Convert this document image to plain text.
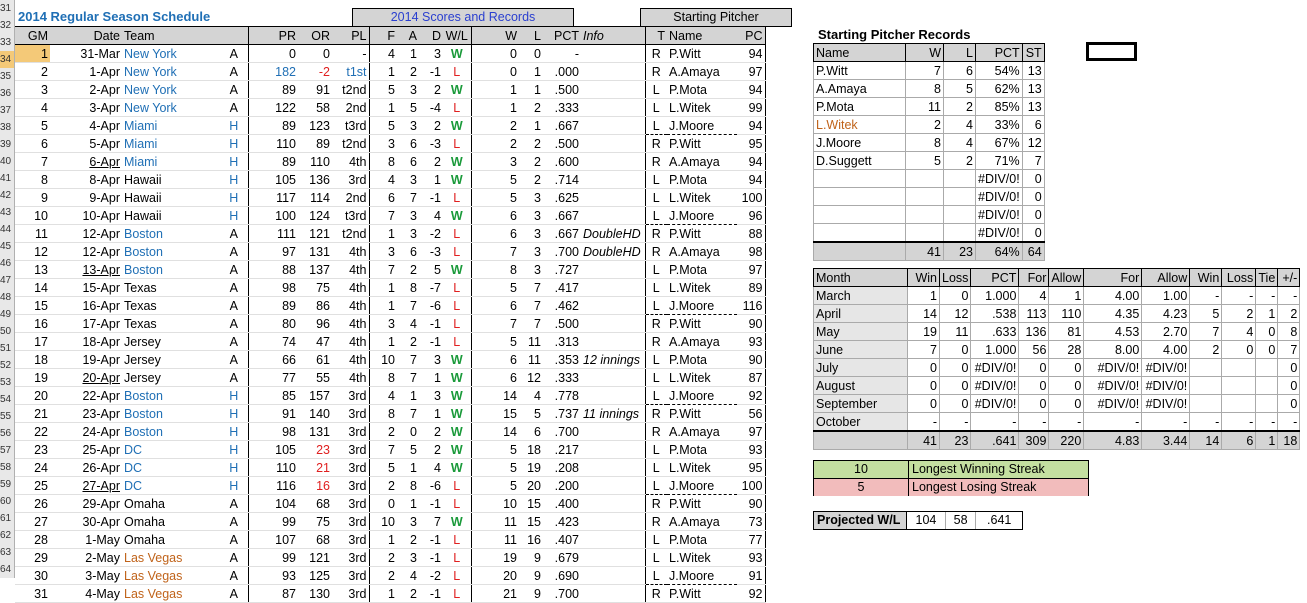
31
32
33
34
35
36
37
38
39
40
41
42
43
44
45
46
47
48
49
50
51
52
53
54
55
56
57
58
59
60
61
62
63
64
2014 Regular Season Schedule	2014 Scores and Records	Starting Pitcher
GM	Date	Team		PR	OR	PL	F	A	D	W/L	W	L	PCT	Info	T	Name	PC
1	31-Mar	New York	A	0	0	-	4	1	3	W	0	0	-		R	P.Witt	94
2	1-Apr	New York	A	182	-2	t1st	1	2	-1	L	0	1	.000		R	A.Amaya	97
3	2-Apr	New York	A	89	91	t2nd	5	3	2	W	1	1	.500		L	P.Mota	94
4	3-Apr	New York	A	122	58	2nd	1	5	-4	L	1	2	.333		L	L.Witek	99
5	4-Apr	Miami	H	89	123	t3rd	5	3	2	W	2	1	.667		L	J.Moore	94
6	5-Apr	Miami	H	110	89	t2nd	3	6	-3	L	2	2	.500		R	P.Witt	95
7	6-Apr	Miami	H	89	110	4th	8	6	2	W	3	2	.600		R	A.Amaya	94
8	8-Apr	Hawaii	H	105	136	3rd	4	3	1	W	5	2	.714		L	P.Mota	94
9	9-Apr	Hawaii	H	117	114	2nd	6	7	-1	L	5	3	.625		L	L.Witek	100
10	10-Apr	Hawaii	H	100	124	t3rd	7	3	4	W	6	3	.667		L	J.Moore	96
11	12-Apr	Boston	A	111	121	t2nd	1	3	-2	L	6	3	.667	DoubleHD	R	P.Witt	88
12	12-Apr	Boston	A	97	131	4th	3	6	-3	L	7	3	.700	DoubleHD	R	A.Amaya	98
13	13-Apr	Boston	A	88	137	4th	7	2	5	W	8	3	.727		L	P.Mota	97
14	15-Apr	Texas	A	98	75	4th	1	8	-7	L	5	7	.417		L	L.Witek	89
15	16-Apr	Texas	A	89	86	4th	1	7	-6	L	6	7	.462		L	J.Moore	116
16	17-Apr	Texas	A	80	96	4th	3	4	-1	L	7	7	.500		R	P.Witt	90
17	18-Apr	Jersey	A	74	47	4th	1	2	-1	L	5	11	.313		R	A.Amaya	93
18	19-Apr	Jersey	A	66	61	4th	10	7	3	W	6	11	.353	12 innings	L	P.Mota	90
19	20-Apr	Jersey	A	77	55	4th	8	7	1	W	6	12	.333		L	L.Witek	87
20	22-Apr	Boston	H	85	157	3rd	4	1	3	W	14	4	.778		L	J.Moore	92
21	23-Apr	Boston	H	91	140	3rd	8	7	1	W	15	5	.737	11 innings	R	P.Witt	56
22	24-Apr	Boston	H	98	131	3rd	2	0	2	W	14	6	.700		R	A.Amaya	97
23	25-Apr	DC	H	105	23	3rd	7	5	2	W	5	18	.217		L	P.Mota	93
24	26-Apr	DC	H	110	21	3rd	5	1	4	W	5	19	.208		L	L.Witek	95
25	27-Apr	DC	H	116	16	3rd	2	8	-6	L	5	20	.200		L	J.Moore	100
26	29-Apr	Omaha	A	104	68	3rd	0	1	-1	L	10	15	.400		R	P.Witt	90
27	30-Apr	Omaha	A	99	75	3rd	10	3	7	W	11	15	.423		R	A.Amaya	73
28	1-May	Omaha	A	107	68	3rd	1	2	-1	L	11	16	.407		L	P.Mota	77
29	2-May	Las Vegas	A	99	121	3rd	2	3	-1	L	19	9	.679		L	L.Witek	93
30	3-May	Las Vegas	A	93	125	3rd	2	4	-2	L	20	9	.690		L	J.Moore	91
31	4-May	Las Vegas	A	87	130	3rd	1	2	-1	L	21	9	.700		R	P.Witt	92
Starting Pitcher Records
Name	W	L	PCT	ST
P.Witt	7	6	54%	13
A.Amaya	8	5	62%	13
P.Mota	11	2	85%	13
L.Witek	2	4	33%	6
J.Moore	8	4	67%	12
D.Suggett	5	2	71%	7
			#DIV/0!	0
			#DIV/0!	0
			#DIV/0!	0
			#DIV/0!	0
	41	23	64%	64
Month	Win	Loss	PCT	For	Allow	For	Allow	Win	Loss	Tie	+/-
March	1	0	1.000	4	1	4.00	1.00	-	-	-	-
April	14	12	.538	113	110	4.35	4.23	5	2	1	2
May	19	11	.633	136	81	4.53	2.70	7	4	0	8
June	7	0	1.000	56	28	8.00	4.00	2	0	0	7
July	0	0	#DIV/0!	0	0	#DIV/0!	#DIV/0!				0
August	0	0	#DIV/0!	0	0	#DIV/0!	#DIV/0!				0
September	0	0	#DIV/0!	0	0	#DIV/0!	#DIV/0!				0
October	-	-	-	-	-	-	-	-	-	-	-
	41	23	.641	309	220	4.83	3.44	14	6	1	18
10	Longest Winning Streak
5	Longest Losing Streak
Projected W/L	104	58	.641
